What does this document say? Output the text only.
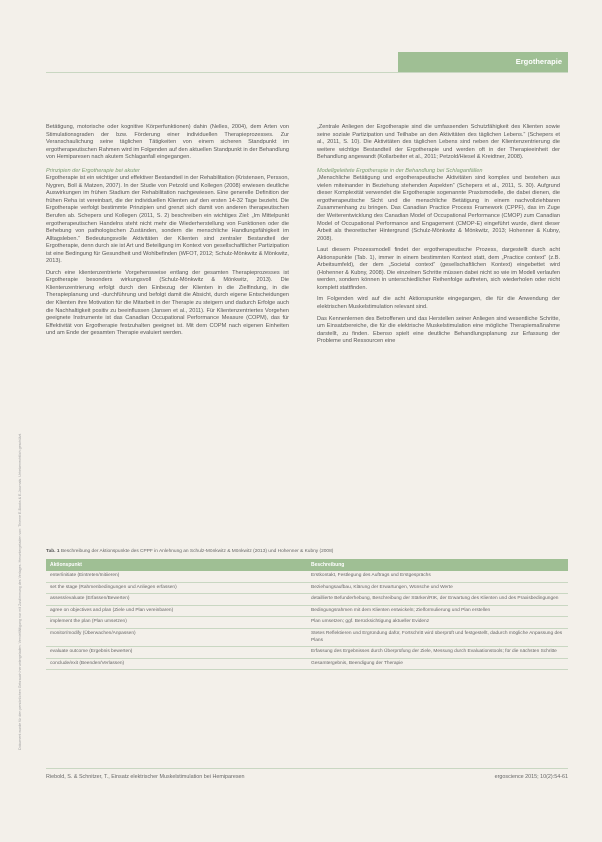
Ergotherapie
Dokument wurde für den persönlichen Gebrauch heruntergeladen. Vervielfältigung nur mit Zustimmung des Verlages. Heruntergeladen von: Thieme E-Books & E-Journals. Urheberrechtlich geschützt.

Betätigung, motorische oder kognitive Körperfunktionen) dahin (Nelles, 2004), dem Arten von Stimulationsgraden der bzw. Förderung einer individuellen Therapieprozesses. Zur Veranschaulichung seine täglichen Tätigkeiten von einem sicheren Standpunkt im ergotherapeutischen Rahmen wird im Folgenden auf den aktuellen Standpunkt in der Behandlung von Hemiparesen nach akutem Schlaganfall eingegangen.

Prinzipien der Ergotherapie bei akuter

Ergotherapie ist ein wichtiger und effektiver Bestandteil in der Rehabilitation (Kristensen, Persson, Nygren, Boll & Matzen, 2007). In der Studie von Petzold und Kollegen (2008) erwiesen deutliche Auswirkungen im frühen Stadium der Rehabilitation nachgewiesen. Eine generelle Definition der frühen Reha ist vereinbart, die der individuellen Klienten auf den ersten 14-32 Tage bezieht. Die Ergotherapie verfolgt bestimmte Prinzipien und grenzt sich damit von anderen therapeutischen Berufen ab. Schepers und Kollegen (2011, S. 2) beschreiben ein wichtiges Ziel: „Im Mittelpunkt ergotherapeutischen Handelns steht nicht mehr die Wiederherstellung von Funktionen oder die Behebung von pathologischen Zuständen, sondern die menschliche Handlungsfähigkeit im Alltagsleben.“ Bedeutungsvolle Aktivitäten der Klienten sind zentraler Bestandteil der Ergotherapie, denn durch sie ist Art und Beteiligung im Kontext von gesellschaftlicher Partizipation ist eine Bedingung für Gesundheit und Wohlbefinden (WFOT, 2012; Schulz-Mönkwitz & Mönkwitz, 2013).

Durch eine klientenzentrierte Vorgehensweise entlang der gesamten Therapieprozesses ist Ergotherapie besonders wirkungsvoll (Schulz-Mönkwitz & Mönkwitz, 2013). Die Klientenzentrierung erfolgt durch den Einbezug der Klienten in die Zielfindung, in die Therapieplanung und -durchführung und befolgt damit die Absicht, durch eigene Entscheidungen der Klienten ihre Motivation für die Mitarbeit in der Therapie zu steigern und dadurch Erfolge auch die Nachhaltigkeit positiv zu beeinflussen (Jansen et al., 2011). Für Klientenzentriertes Vorgehen geeignete Instrumente ist das Canadian Occupational Performance Measure (COPM), das für Effektivität von Ergotherapie festzuhalten geeignet ist. Mit dem COPM nach eigenen Einheiten und am Ende der gesamten Therapie evaluiert werden.

„Zentrale Anliegen der Ergotherapie sind die umfassenden Schutzfähigkeit des Klienten sowie seine soziale Partizipation und Teilhabe an den Aktivitäten des täglichen Lebens.“ (Schepers et al., 2011, S. 10). Die Aktivitäten des täglichen Lebens sind neben der Klientenzentrierung die weitere wichtige Bestandteil der Ergotherapie und werden oft in der Therapieeinheit der Behandlung angewandt (Kollarbeiter et al., 2011; Petzold/Hiesel & Kreidtner, 2008).

Modellgeleitete Ergotherapie in der Behandlung bei Schlaganfällen

„Menschliche Betätigung und ergotherapeutische Aktivitäten sind komplex und bestehen aus vielen miteinander in Beziehung stehenden Aspekten“ (Schepers et al., 2011, S. 30). Aufgrund dieser Komplexität verwendet die Ergotherapie sogenannte Praxismodelle, die dabei dienen, die ergotherapeutische Sicht und die menschliche Betätigung in einem nachvollziehbaren Zusammenhang zu bringen. Das Canadian Practice Process Framework (CPPF), das im Zuge der Weiterentwicklung des Canadian Model of Occupational Performance (CMOP) zum Canadian Model of Occupational Performance and Engagement (CMOP-E) eingeführt wurde, dient dieser Arbeit als theoretischer Hintergrund (Schulz-Mönkwitz & Mönkwitz, 2013; Hohenner & Kubny, 2008).

Laut diesem Prozessmodell findet der ergotherapeutische Prozess, dargestellt durch acht Aktionspunkte (Tab. 1), immer in einem bestimmten Kontext statt, dem „Practice context“ (z.B. Arbeitsumfeld), der dem „Societal context“ (gesellschaftlichen Kontext) eingebettet wird (Hohenner & Kubny, 2008). Die einzelnen Schritte müssen dabei nicht so wie im Modell verlaufen werden, sondern können in unterschiedlicher Reihenfolge auftreten, sich wiederholen oder nicht komplett stattfinden.

Im Folgenden wird auf die acht Aktionspunkte eingegangen, die für die Anwendung der elektrischen Muskelstimulation relevant sind.

Das Kennenlernen des Betroffenen und das Herstellen seiner Anliegen sind wesentliche Schritte, um Einsatzbereiche, die für die elektrische Muskelstimulation eine mögliche Therapiemaßnahme darstellt, zu finden. Ebenso spielt eine deutliche Behandlungsplanung zur Erfassung der Probleme und Ressourcen eine

Tab. 1 Beschreibung der Aktionspunkte des CPPF in Anlehnung an Schulz-Mönkwitz & Mönkwitz (2013) und Hohenner & Kubny (2008)
Aktionspunkt	Beschreibung
enter/initiate (Eintreten/Initiieren)	Erstkontakt, Festlegung des Auftrags und Erstgesprächs
set the stage (Rahmenbedingungen und Anliegen erfassen)	Beziehungsaufbau, Klärung der Erwartungen, Wünsche und Werte
assess/evaluate (Erfassen/Bewerten)	detaillierte Befunderhebung, Beschreibung der Stärken/RIK, der Erwartung des Klienten und des Praxisbedingungen
agree on objectives and plan (Ziele und Plan vereinbaren)	Bedingungsrahmen mit dem Klienten entwickeln; Zielformulierung und Plan erstellen
implement the plan (Plan umsetzen)	Plan umsetzen; ggf. Berücksichtigung aktueller Evidenz
monitor/modify (Überwachen/Anpassen)	Stetes Reflektieren und Ergründung dafür, Fortschritt wird überprüft und festgestellt, dadurch mögliche Anpassung des Plans
evaluate outcome (Ergebnis bewerten)	Erfassung des Ergebnisses durch Überprüfung der Ziele, Messung durch Evaluationstools; für die nächsten Schritte
conclude/exit (Beenden/Verlassen)	Gesamtergebnis, Beendigung der Therapie
Riebold, S. & Schnitzer, T., Einsatz elektrischer Muskelstimulation bei Hemiparesen	ergoscience 2015; 10(2):54-61
